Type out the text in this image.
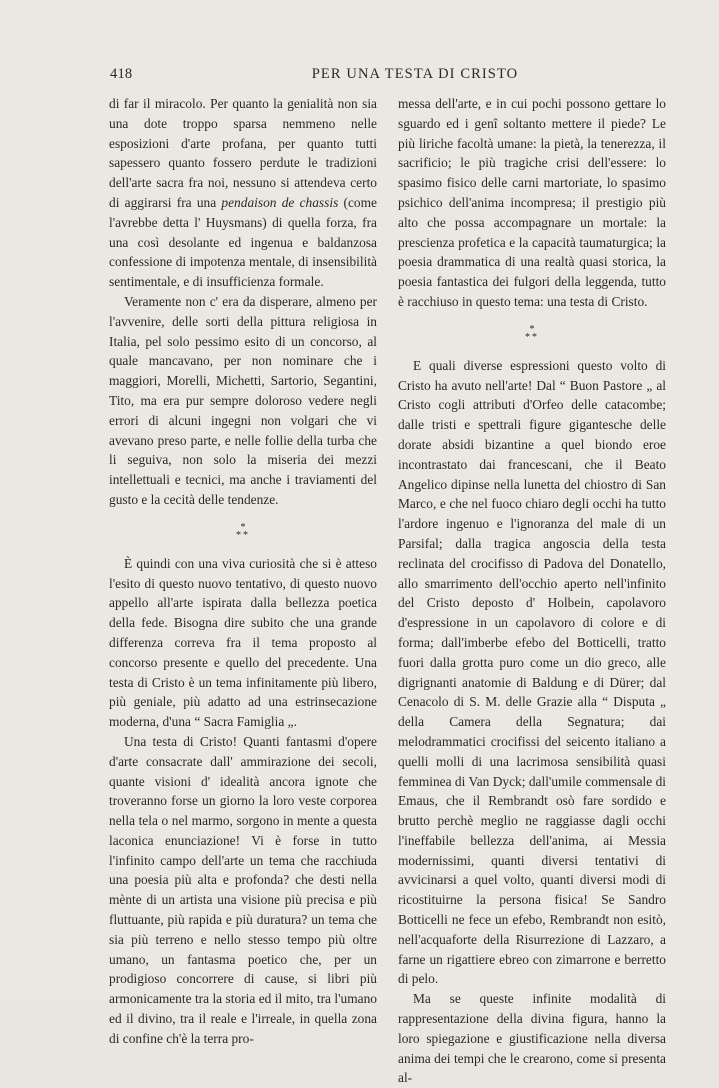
418	PER UNA TESTA DI CRISTO

di far il miracolo. Per quanto la genialità non sia una dote troppo sparsa nemmeno nelle esposizioni d'arte profana, per quanto tutti sapessero quanto fossero perdute le tradizioni dell'arte sacra fra noi, nessuno si attendeva certo di aggirarsi fra una pendaison de chassis (come l'avrebbe detta l' Huysmans) di quella forza, fra una così desolante ed ingenua e baldanzosa confessione di impotenza mentale, di insensibilità sentimentale, e di insufficienza formale.

Veramente non c' era da disperare, almeno per l'avvenire, delle sorti della pittura religiosa in Italia, pel solo pessimo esito di un concorso, al quale mancavano, per non nominare che i maggiori, Morelli, Michetti, Sartorio, Segantini, Tito, ma era pur sempre doloroso vedere negli errori di alcuni ingegni non volgari che vi avevano preso parte, e nelle follie della turba che li seguiva, non solo la miseria dei mezzi intellettuali e tecnici, ma anche i traviamenti del gusto e la cecità delle tendenze.

*
**

È quindi con una viva curiosità che si è atteso l'esito di questo nuovo tentativo, di questo nuovo appello all'arte ispirata dalla bellezza poetica della fede. Bisogna dire subito che una grande differenza correva fra il tema proposto al concorso presente e quello del precedente. Una testa di Cristo è un tema infinitamente più libero, più geniale, più adatto ad una estrinsecazione moderna, d'una “ Sacra Famiglia „.

Una testa di Cristo! Quanti fantasmi d'opere d'arte consacrate dall' ammirazione dei secoli, quante visioni d' idealità ancora ignote che troveranno forse un giorno la loro veste corporea nella tela o nel marmo, sorgono in mente a questa laconica enunciazione! Vi è forse in tutto l'infinito campo dell'arte un tema che racchiuda una poesia più alta e profonda? che desti nella mènte di un artista una visione più precisa e più fluttuante, più rapida e più duratura? un tema che sia più terreno e nello stesso tempo più oltre umano, un fantasma poetico che, per un prodigioso concorrere di cause, si libri più armonicamente tra la storia ed il mito, tra l'umano ed il divino, tra il reale e l'irreale, in quella zona di confine ch'è la terra pro-

messa dell'arte, e in cui pochi possono gettare lo sguardo ed i genî soltanto mettere il piede? Le più liriche facoltà umane: la pietà, la tenerezza, il sacrificio; le più tragiche crisi dell'essere: lo spasimo fisico delle carni martoriate, lo spasimo psichico dell'anima incompresa; il prestigio più alto che possa accompagnare un mortale: la prescienza profetica e la capacità taumaturgica; la poesia drammatica di una realtà quasi storica, la poesia fantastica dei fulgori della leggenda, tutto è racchiuso in questo tema: una testa di Cristo.

*
**

E quali diverse espressioni questo volto di Cristo ha avuto nell'arte! Dal “ Buon Pastore „ al Cristo cogli attributi d'Orfeo delle catacombe; dalle tristi e spettrali figure gigantesche delle dorate absidi bizantine a quel biondo eroe incontrastato dai francescani, che il Beato Angelico dipinse nella lunetta del chiostro di San Marco, e che nel fuoco chiaro degli occhi ha tutto l'ardore ingenuo e l'ignoranza del male di un Parsifal; dalla tragica angoscia della testa reclinata del crocifisso di Padova del Donatello, allo smarrimento dell'occhio aperto nell'infinito del Cristo deposto d' Holbein, capolavoro d'espressione in un capolavoro di colore e di forma; dall'imberbe efebo del Botticelli, tratto fuori dalla grotta puro come un dio greco, alle digrignanti anatomie di Baldung e di Dürer; dal Cenacolo di S. M. delle Grazie alla “ Disputa „ della Camera della Segnatura; dai melodrammatici crocifissi del seicento italiano a quelli molli di una lacrimosa sensibilità quasi femminea di Van Dyck; dall'umile commensale di Emaus, che il Rembrandt osò fare sordido e brutto perchè meglio ne raggiasse dagli occhi l'ineffabile bellezza dell'anima, ai Messia modernissimi, quanti diversi tentativi di avvicinarsi a quel volto, quanti diversi modi di ricostituirne la persona fisica! Se Sandro Botticelli ne fece un efebo, Rembrandt non esitò, nell'acquaforte della Risurrezione di Lazzaro, a farne un rigattiere ebreo con zimarrone e berretto di pelo.

Ma se queste infinite modalità di rappresentazione della divina figura, hanno la loro spiegazione e giustificazione nella diversa anima dei tempi che le crearono, come si presenta al-
